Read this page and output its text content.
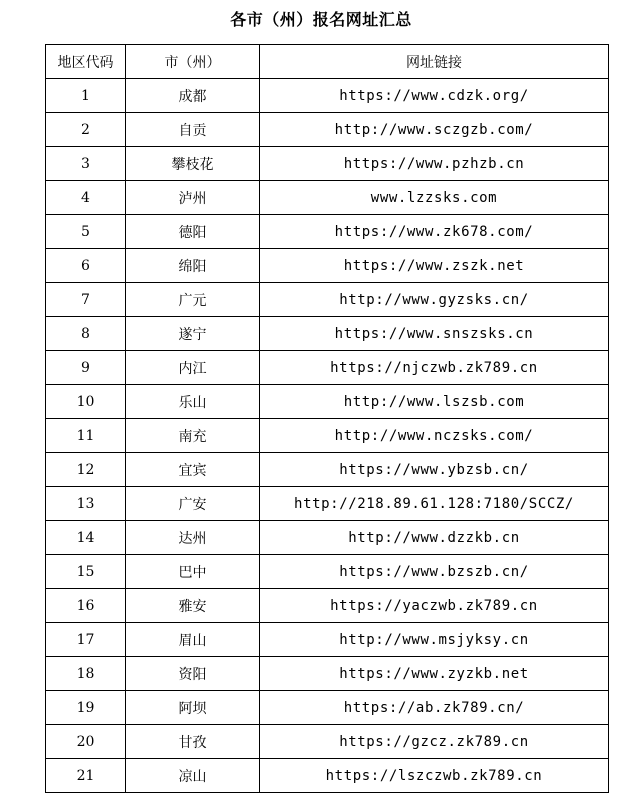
各市（州）报名网址汇总
地区代码	市（州）	网址链接
1	成都	https://www.cdzk.org/
2	自贡	http://www.sczgzb.com/
3	攀枝花	https://www.pzhzb.cn
4	泸州	www.lzzsks.com
5	德阳	https://www.zk678.com/
6	绵阳	https://www.zszk.net
7	广元	http://www.gyzsks.cn/
8	遂宁	https://www.snszsks.cn
9	内江	https://njczwb.zk789.cn
10	乐山	http://www.lszsb.com
11	南充	http://www.nczsks.com/
12	宜宾	https://www.ybzsb.cn/
13	广安	http://218.89.61.128:7180/SCCZ/
14	达州	http://www.dzzkb.cn
15	巴中	https://www.bzszb.cn/
16	雅安	https://yaczwb.zk789.cn
17	眉山	http://www.msjyksy.cn
18	资阳	https://www.zyzkb.net
19	阿坝	https://ab.zk789.cn/
20	甘孜	https://gzcz.zk789.cn
21	凉山	https://lszczwb.zk789.cn
